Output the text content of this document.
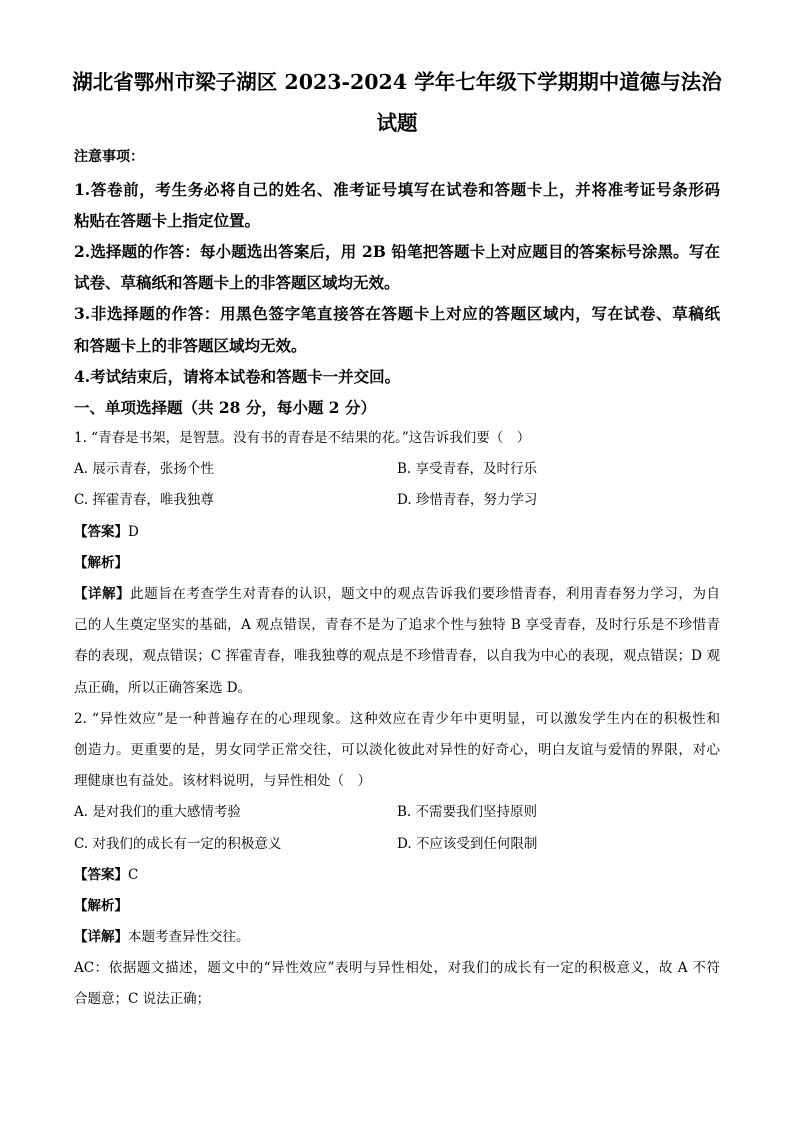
湖北省鄂州市梁子湖区 2023-2024 学年七年级下学期期中道德与法治
试题
注意事项：
1.答卷前，考生务必将自己的姓名、准考证号填写在试卷和答题卡上，并将准考证号条形码
粘贴在答题卡上指定位置。
2.选择题的作答：每小题选出答案后，用 2B 铅笔把答题卡上对应题目的答案标号涂黑。写在
试卷、草稿纸和答题卡上的非答题区域均无效。
3.非选择题的作答：用黑色签字笔直接答在答题卡上对应的答题区域内，写在试卷、草稿纸
和答题卡上的非答题区域均无效。
4.考试结束后，请将本试卷和答题卡一并交回。
一、单项选择题（共 28 分，每小题 2 分）
1. “青春是书架，是智慧。没有书的青春是不结果的花。”这告诉我们要（　）
A. 展示青春，张扬个性	B. 享受青春，及时行乐
C. 挥霍青春，唯我独尊	D. 珍惜青春，努力学习
【答案】D
【解析】
【详解】此题旨在考查学生对青春的认识，题文中的观点告诉我们要珍惜青春，利用青春努力学习，为自
己的人生奠定坚实的基础，A 观点错误，青春不是为了追求个性与独特 B 享受青春，及时行乐是不珍惜青
春的表现，观点错误；C 挥霍青春，唯我独尊的观点是不珍惜青春，以自我为中心的表现，观点错误；D 观
点正确，所以正确答案选 D。
2. “异性效应”是一种普遍存在的心理现象。这种效应在青少年中更明显，可以激发学生内在的积极性和
创造力。更重要的是，男女同学正常交往，可以淡化彼此对异性的好奇心，明白友谊与爱情的界限，对心
理健康也有益处。该材料说明，与异性相处（　）
A. 是对我们的重大感情考验	B. 不需要我们坚持原则
C. 对我们的成长有一定的积极意义	D. 不应该受到任何限制
【答案】C
【解析】
【详解】本题考查异性交往。
AC：依据题文描述，题文中的“异性效应”表明与异性相处，对我们的成长有一定的积极意义，故 A 不符
合题意；C 说法正确；
